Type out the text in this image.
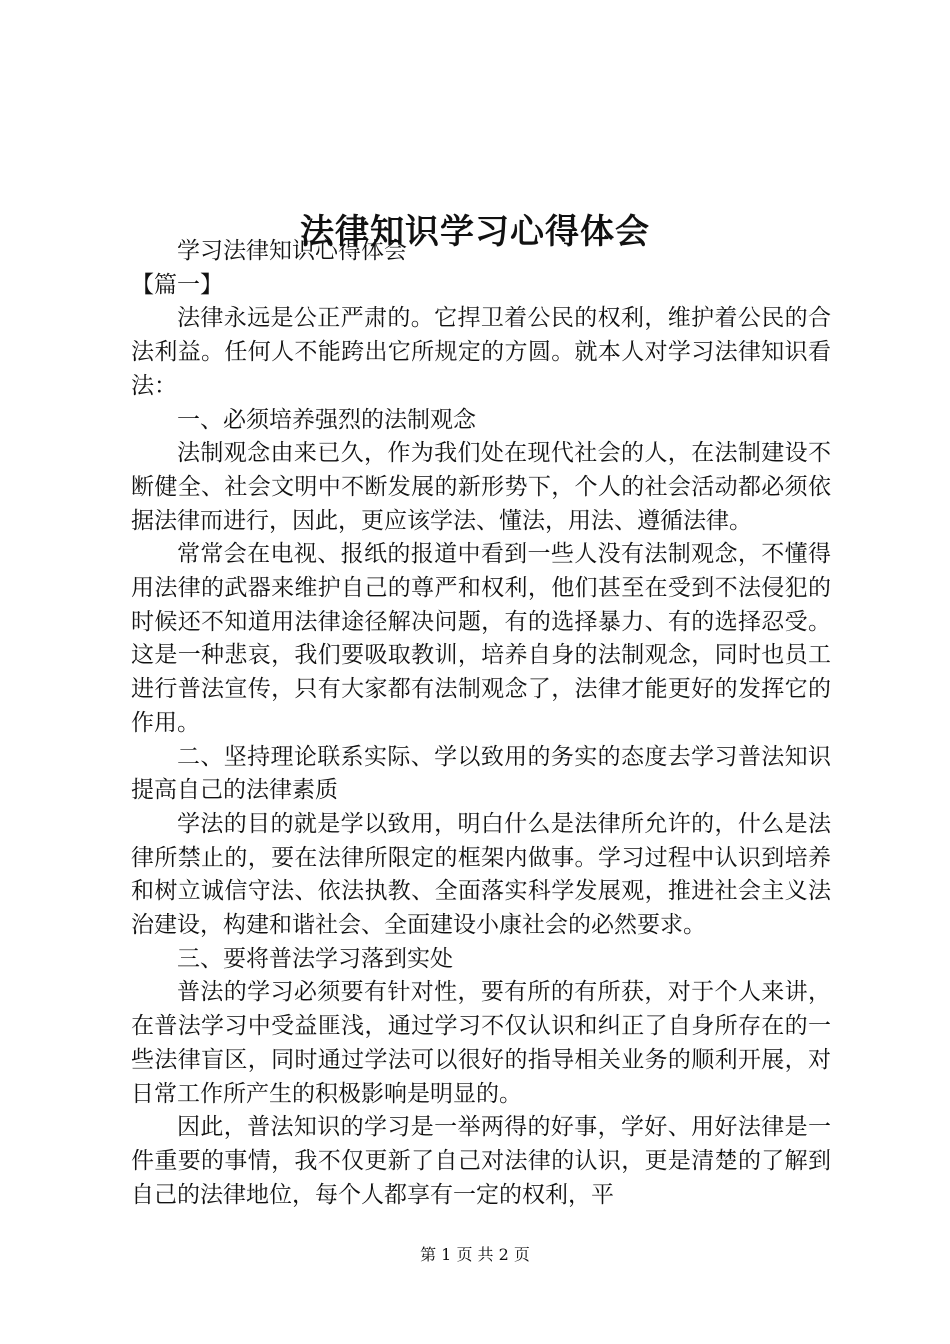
法律知识学习心得体会

学习法律知识心得体会

【篇一】

法律永远是公正严肃的。它捍卫着公民的权利，维护着公民的合法利益。任何人不能跨出它所规定的方圆。就本人对学习法律知识看法：

一、必须培养强烈的法制观念

法制观念由来已久，作为我们处在现代社会的人，在法制建设不断健全、社会文明中不断发展的新形势下，个人的社会活动都必须依据法律而进行，因此，更应该学法、懂法，用法、遵循法律。

常常会在电视、报纸的报道中看到一些人没有法制观念，不懂得用法律的武器来维护自己的尊严和权利，他们甚至在受到不法侵犯的时候还不知道用法律途径解决问题，有的选择暴力、有的选择忍受。这是一种悲哀，我们要吸取教训，培养自身的法制观念，同时也员工进行普法宣传，只有大家都有法制观念了，法律才能更好的发挥它的作用。

二、坚持理论联系实际、学以致用的务实的态度去学习普法知识提高自己的法律素质

学法的目的就是学以致用，明白什么是法律所允许的，什么是法律所禁止的，要在法律所限定的框架内做事。学习过程中认识到培养和树立诚信守法、依法执教、全面落实科学发展观，推进社会主义法治建设，构建和谐社会、全面建设小康社会的必然要求。

三、要将普法学习落到实处

普法的学习必须要有针对性，要有所的有所获，对于个人来讲，在普法学习中受益匪浅，通过学习不仅认识和纠正了自身所存在的一些法律盲区，同时通过学法可以很好的指导相关业务的顺利开展，对日常工作所产生的积极影响是明显的。

因此，普法知识的学习是一举两得的好事，学好、用好法律是一件重要的事情，我不仅更新了自己对法律的认识，更是清楚的了解到自己的法律地位，每个人都享有一定的权利，平

第 1 页 共 2 页
